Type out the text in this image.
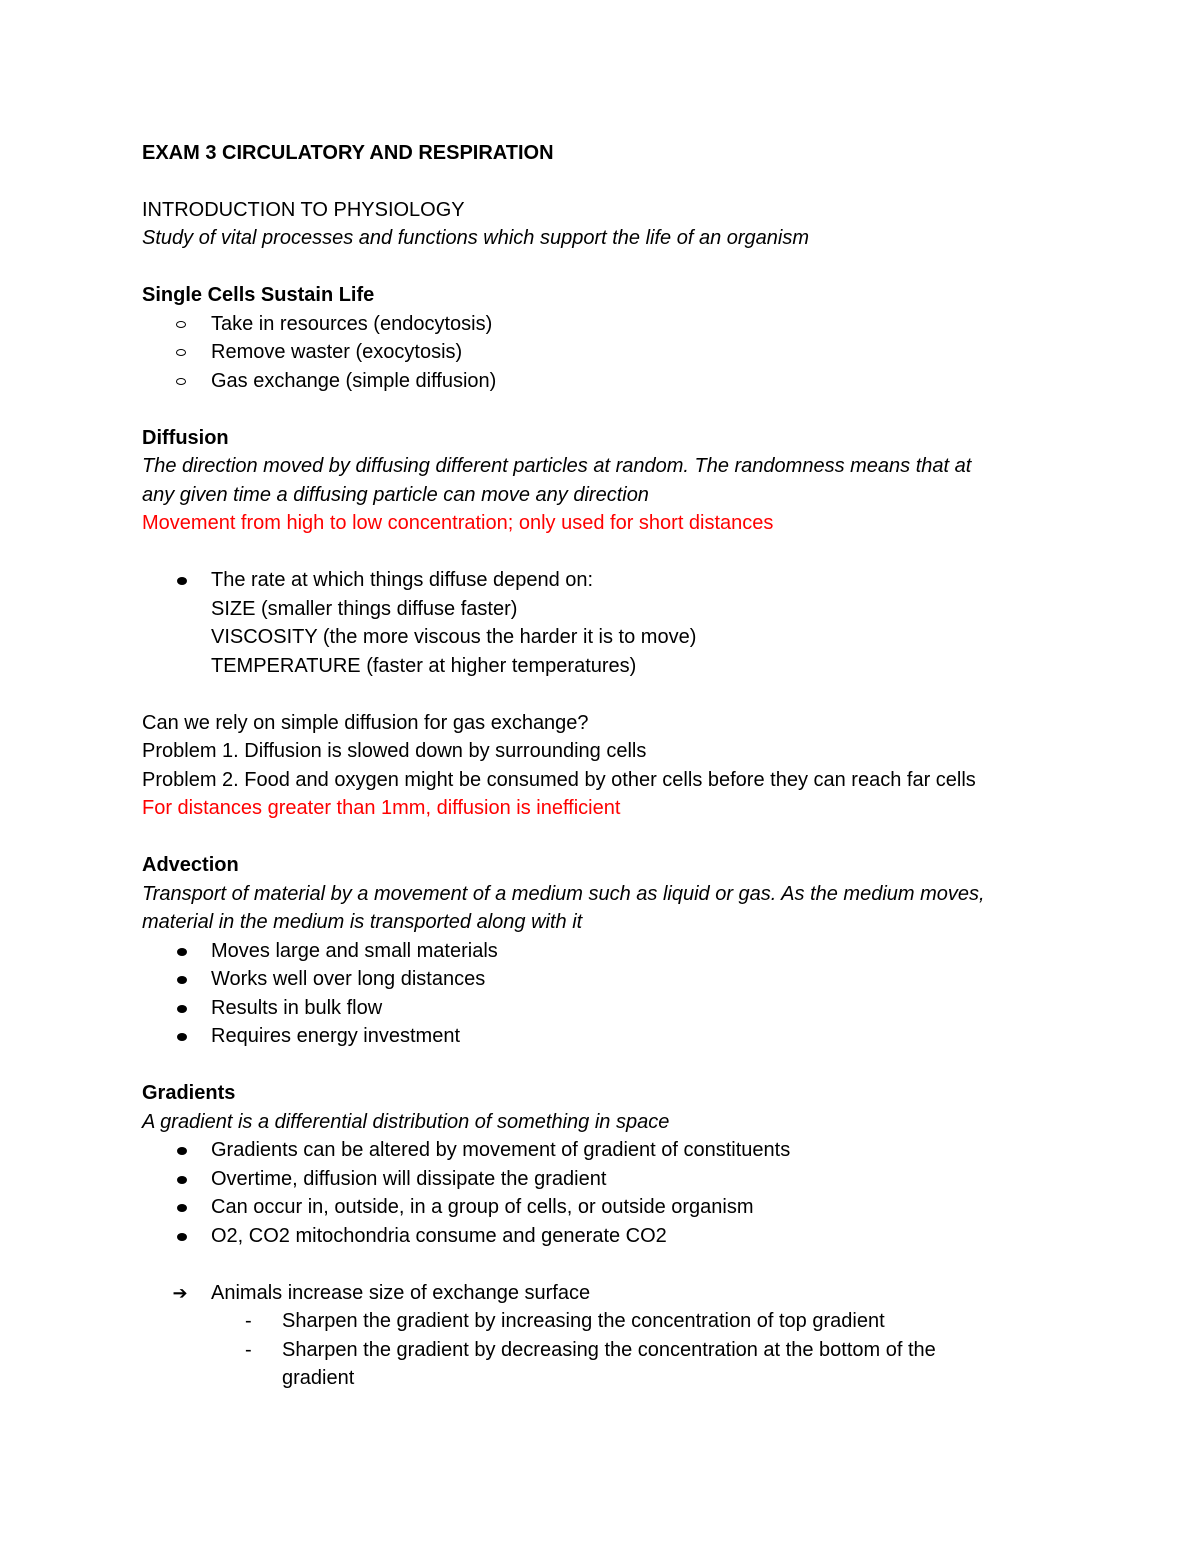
EXAM 3 CIRCULATORY AND RESPIRATION
INTRODUCTION TO PHYSIOLOGY
Study of vital processes and functions which support the life of an organism
Single Cells Sustain Life
Take in resources (endocytosis)
Remove waster (exocytosis)
Gas exchange (simple diffusion)
Diffusion
The direction moved by diffusing different particles at random. The randomness means that at
any given time a diffusing particle can move any direction
Movement from high to low concentration; only used for short distances
The rate at which things diffuse depend on:
SIZE (smaller things diffuse faster)
VISCOSITY (the more viscous the harder it is to move)
TEMPERATURE (faster at higher temperatures)
Can we rely on simple diffusion for gas exchange?
Problem 1. Diffusion is slowed down by surrounding cells
Problem 2. Food and oxygen might be consumed by other cells before they can reach far cells
For distances greater than 1mm, diffusion is inefficient
Advection
Transport of material by a movement of a medium such as liquid or gas. As the medium moves,
material in the medium is transported along with it
Moves large and small materials
Works well over long distances
Results in bulk flow
Requires energy investment
Gradients
A gradient is a differential distribution of something in space
Gradients can be altered by movement of gradient of constituents
Overtime, diffusion will dissipate the gradient
Can occur in, outside, in a group of cells, or outside organism
O2, CO2 mitochondria consume and generate CO2
➔ Animals increase size of exchange surface
- Sharpen the gradient by increasing the concentration of top gradient
- Sharpen the gradient by decreasing the concentration at the bottom of the
gradient
